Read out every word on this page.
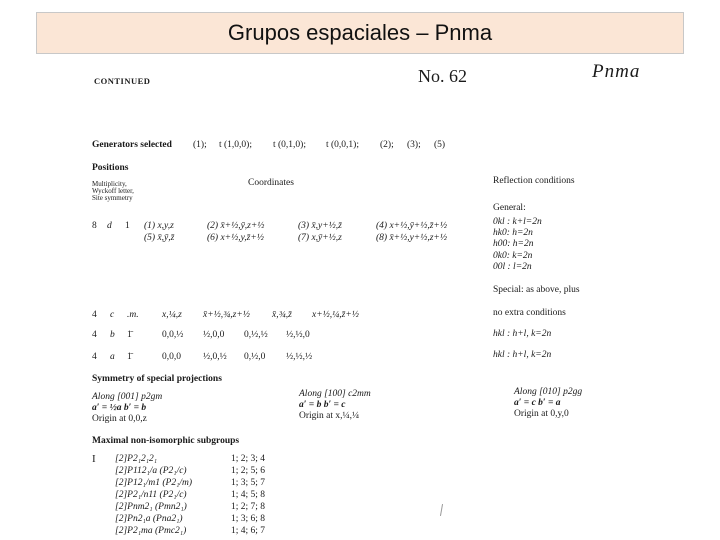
Grupos espaciales – Pnma
CONTINUED	No. 62	Pnma
Generators selected (1); t (1,0,0); t (0,1,0); t (0,0,1); (2); (3); (5)
Positions
Multiplicity,
Wyckoff letter,
Site symmetry
Coordinates	Reflection conditions
8 d 1 (1) x,y,z	(2) x̄+½,ȳ,z+½	(3) x̄,y+½,z̄	(4) x+½,ȳ+½,z̄+½
(5) x̄,ȳ,z̄	(6) x+½,y,z̄+½	(7) x,ȳ+½,z	(8) x̄+½,y+½,z+½
General:
0kl : k+l=2n
hk0: h=2n
h00: h=2n
0k0: k=2n
00l : l=2n
Special: as above, plus
4 c .m. x,¼,z x̄+½,¾,z+½ x̄,¾,z̄ x+½,¼,z̄+½	no extra conditions
4 b 1̄	0,0,½ ½,0,0 0,½,½ ½,½,0	hkl : h+l, k=2n
4 a 1̄	0,0,0 ½,0,½ 0,½,0 ½,½,½	hkl : h+l, k=2n
Symmetry of special projections
Along [001] p2gm
a′ = ½a b′ = b
Origin at 0,0,z
Along [100] c2mm
a′ = b b′ = c
Origin at x,¼,¼
Along [010] p2gg
a′ = c b′ = a
Origin at 0,y,0
Maximal non-isomorphic subgroups
I [2]P2₁2₁2₁	1; 2; 3; 4
[2]P112₁/a (P2₁/c)	1; 2; 5; 6
[2]P12₁/m1 (P2₁/m)	1; 3; 5; 7
[2]P2₁/n11 (P2₁/c)	1; 4; 5; 8
[2]Pnm2₁ (Pmn2₁)	1; 2; 7; 8
[2]Pn2₁a (Pna2₁)	1; 3; 6; 8
[2]P2₁ma (Pmc2₁)	1; 4; 6; 7
